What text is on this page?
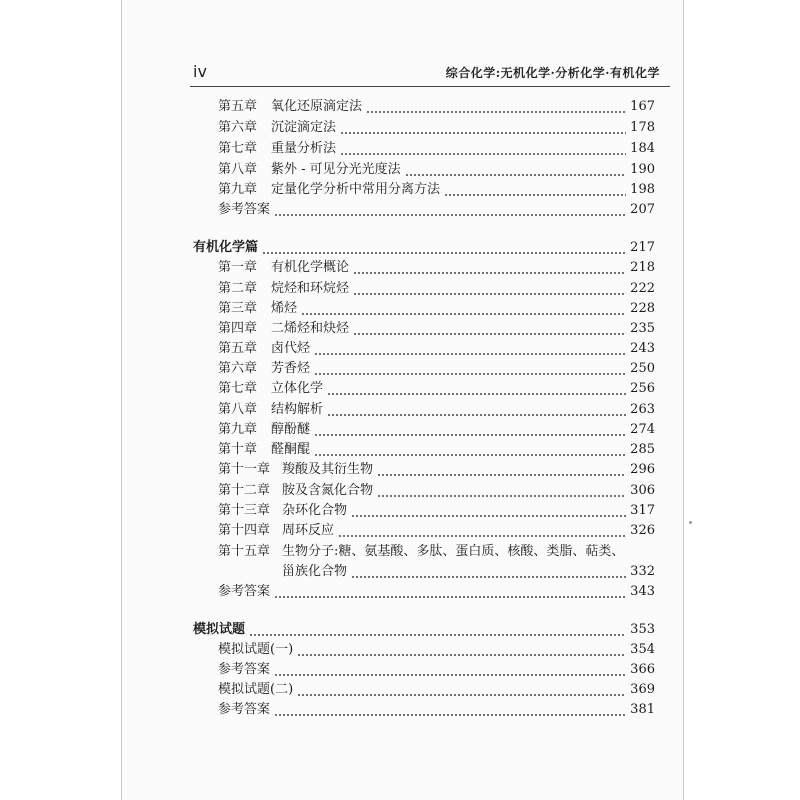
iv	综合化学:无机化学·分析化学·有机化学
第五章	氧化还原滴定法	167
第六章	沉淀滴定法	178
第七章	重量分析法	184
第八章	紫外 - 可见分光光度法	190
第九章	定量化学分析中常用分离方法	198
参考答案	207
有机化学篇	217
第一章	有机化学概论	218
第二章	烷烃和环烷烃	222
第三章	烯烃	228
第四章	二烯烃和炔烃	235
第五章	卤代烃	243
第六章	芳香烃	250
第七章	立体化学	256
第八章	结构解析	263
第九章	醇酚醚	274
第十章	醛酮醌	285
第十一章 羧酸及其衍生物	296
第十二章 胺及含氮化合物	306
第十三章 杂环化合物	317
第十四章 周环反应	326
第十五章 生物分子:糖、氨基酸、多肽、蛋白质、核酸、类脂、萜类、
甾族化合物	332
参考答案	343
模拟试题	353
模拟试题(一)	354
参考答案	366
模拟试题(二)	369
参考答案	381
